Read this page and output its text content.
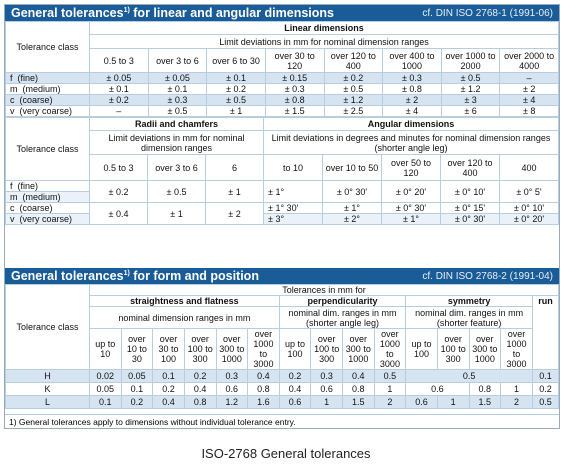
General tolerances$^{1)}$ for linear and angular dimensions	cf. DIN ISO 2768-1 (1991-06)
Tolerance class	Linear dimensions							
	Limit deviations in mm for nominal dimension ranges							
	0.5 to 3	over 3 to 6	over 6 to 30	over 30 to 120	over 120 to 400	over 400 to 1000	over 1000 to 2000	over 2000 to 4000
f (fine)	± 0.05	± 0.05	± 0.1	± 0.15	± 0.2	± 0.3	± 0.5	–
m (medium)	± 0.1	± 0.1	± 0.2	± 0.3	± 0.5	± 0.8	± 1.2	± 2
c (coarse)	± 0.2	± 0.3	± 0.5	± 0.8	± 1.2	± 2	± 3	± 4
v (very coarse)	–	± 0.5	± 1	± 1.5	± 2.5	± 4	± 6	± 8
Tolerance class	Radii and chamfers			Angular dimensions				
	Limit deviations in mm for nominal dimension ranges			Limit deviations in degrees and minutes for nominal dimension ranges (shorter angle leg)				
	0.5 to 3	over 3 to 6	6	to 10	over 10 to 50	over 50 to 120	over 120 to 400	400
f (fine)	± 0.2	± 0.5	± 1	± 1°	± 0° 30'	± 0° 20'	± 0° 10'	± 0° 5'
m (medium)								
c (coarse)	± 0.4	± 1	± 2	± 1° 30'	± 1°	± 0° 30'	± 0° 15'	± 0° 10'
v (very coarse)				± 3°	± 2°	± 1°	± 0° 30'	± 0° 20'
General tolerances$^{1)}$ for form and position	cf. DIN ISO 2768-2 (1991-04)
Tolerance class	Tolerances in mm for														
	straightness and flatness						perpendicularity				symmetry				run
	nominal dimension ranges in mm						nominal dim. ranges in mm (shorter angle leg)				nominal dim. ranges in mm (shorter feature)				
	up to 10	over 10 to 30	over 30 to 100	over 100 to 300	over 300 to 1000	over 1000 to 3000	up to 100	over 100 to 300	over 300 to 1000	over 1000 to 3000	up to 100	over 100 to 300	over 300 to 1000	over 1000 to 3000	
H	0.02	0.05	0.1	0.2	0.3	0.4	0.2	0.3	0.4	0.5	0.5				0.1
K	0.05	0.1	0.2	0.4	0.6	0.8	0.4	0.6	0.8	1	0.6		0.8	1	0.2
L	0.1	0.2	0.4	0.8	1.2	1.6	0.6	1	1.5	2	0.6	1	1.5	2	0.5
1) General tolerances apply to dimensions without individual tolerance entry.
ISO-2768 General tolerances
